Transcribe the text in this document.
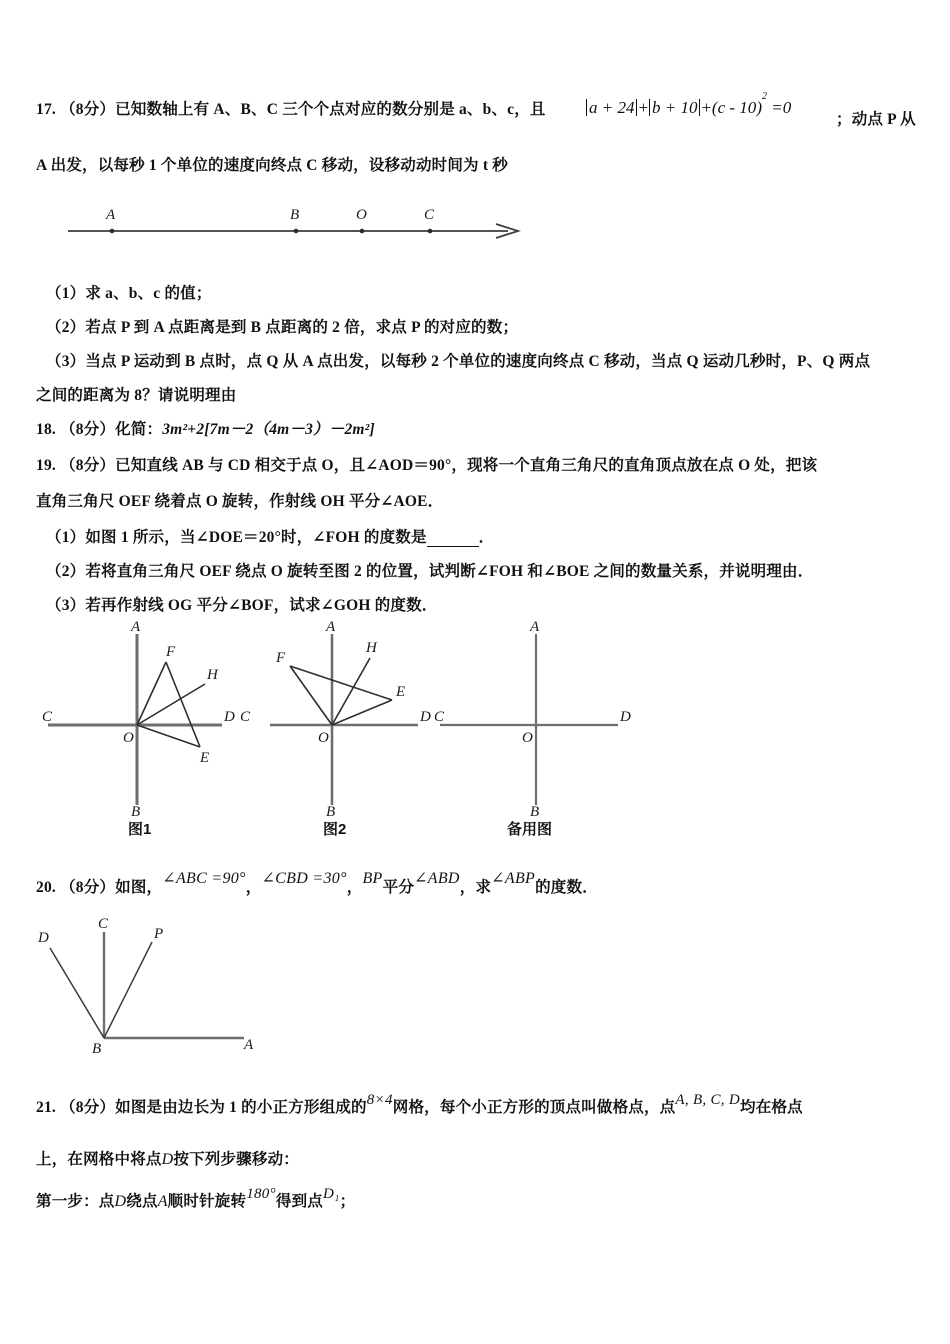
17. （8分）已知数轴上有 A、B、C 三个个点对应的数分别是 a、b、c，且	a + 24 + b + 10 +(c - 10)$^2$ =0
；动点 P 从
A 出发，以每秒 1 个单位的速度向终点 C 移动，设移动动时间为 t 秒
A	B	O	C
（1）求 a、b、c 的值；
（2）若点 P 到 A 点距离是到 B 点距离的 2 倍，求点 P 的对应的数；
（3）当点 P 运动到 B 点时，点 Q 从 A 点出发，以每秒 2 个单位的速度向终点 C 移动，当点 Q 运动几秒时，P、Q 两点
之间的距离为 8？请说明理由
18. （8分）化简：3m²+2[7m－2（4m－3）－2m²]
19. （8分）已知直线 AB 与 CD 相交于点 O，且∠AOD＝90°，现将一个直角三角尺的直角顶点放在点 O 处，把该
直角三角尺 OEF 绕着点 O 旋转，作射线 OH 平分∠AOE．
（1）如图 1 所示，当∠DOE＝20°时，∠FOH 的度数是	．
（2）若将直角三角尺 OEF 绕点 O 旋转至图 2 的位置，试判断∠FOH 和∠BOE 之间的数量关系，并说明理由．
（3）若再作射线 OG 平分∠BOF，试求∠GOH 的度数．
A
B
C	D
O
F
H
E
C
图1
A
B
D
O
F
H
E
C
图2
A
B
D
O
备用图
20. （8分）如图，∠ABC =90°，∠CBD =30°，BP平分∠ABD，求∠ABP的度数．
C
D	P
A
B
21. （8分）如图是由边长为 1 的小正方形组成的8×4网格，每个小正方形的顶点叫做格点，点A, B, C, D均在格点
上，在网格中将点D按下列步骤移动：
第一步：点D绕点A顺时针旋转180°得到点D₁；
